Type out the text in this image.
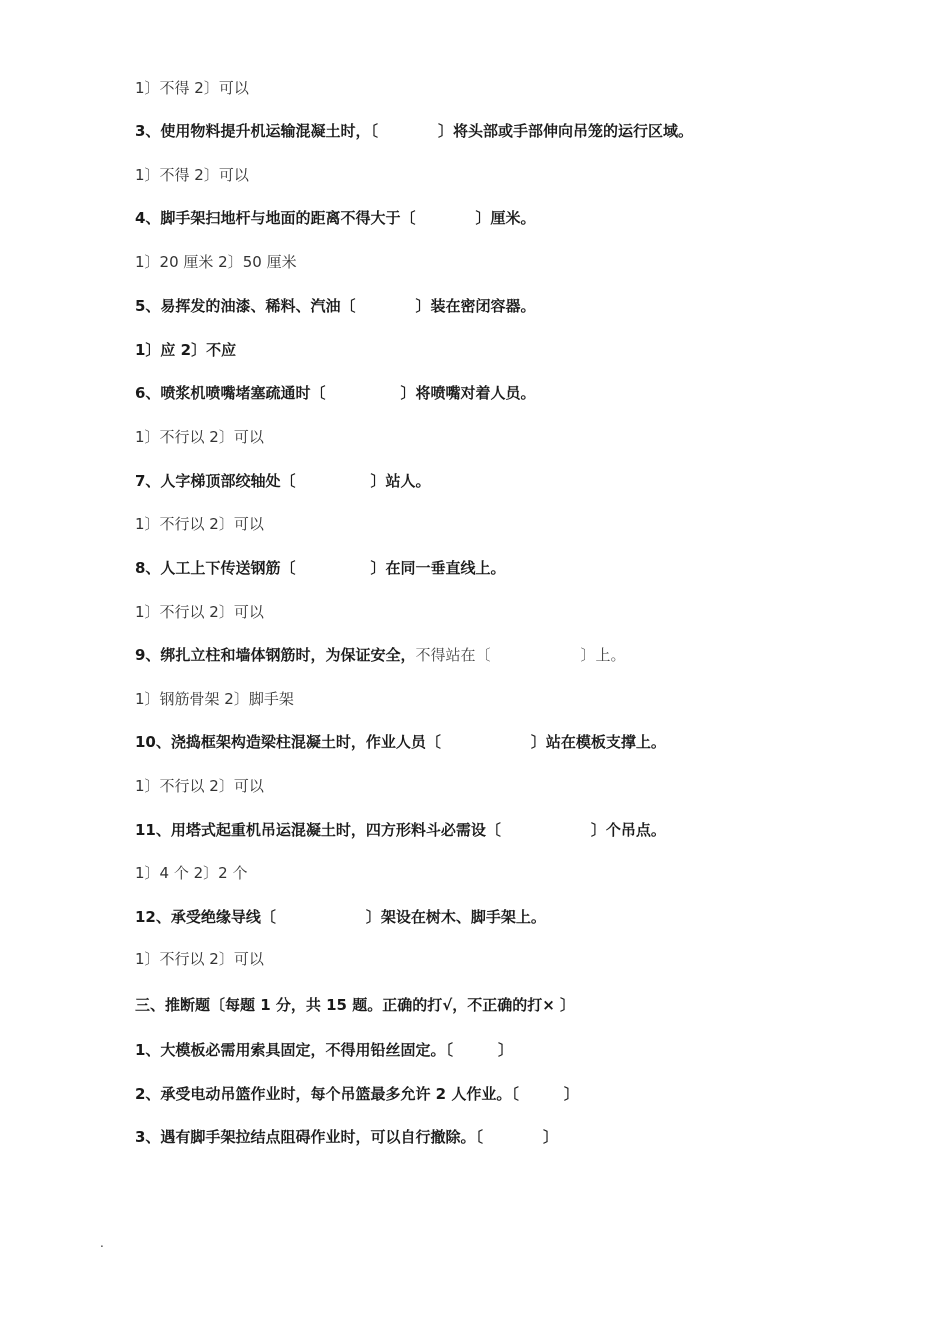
1〕不得 2〕可以
3、使用物料提升机运输混凝土时，〔　　　　〕将头部或手部伸向吊笼的运行区域。
1〕不得 2〕可以
4、脚手架扫地杆与地面的距离不得大于〔　　　　〕厘米。
1〕20 厘米 2〕50 厘米
5、易挥发的油漆、稀料、汽油〔　　　　〕装在密闭容器。
1〕应 2〕不应
6、喷浆机喷嘴堵塞疏通时〔　　　　　〕将喷嘴对着人员。
1〕不行以 2〕可以
7、人字梯顶部绞轴处〔　　　　　〕站人。
1〕不行以 2〕可以
8、人工上下传送钢筋〔　　　　　〕在同一垂直线上。
1〕不行以 2〕可以
9、绑扎立柱和墙体钢筋时，为保证安全，不得站在〔　　　　　　〕上。
1〕钢筋骨架 2〕脚手架
10、浇捣框架构造梁柱混凝土时，作业人员〔　　　　　　〕站在模板支撑上。
1〕不行以 2〕可以
11、用塔式起重机吊运混凝土时，四方形料斗必需设〔　　　　　　〕个吊点。
1〕4 个 2〕2 个
12、承受绝缘导线〔　　　　　　〕架设在树木、脚手架上。
1〕不行以 2〕可以
三、推断题〔每题 1 分，共 15 题。正确的打√，不正确的打× 〕
1、大模板必需用索具固定，不得用铅丝固定。〔　　　〕
2、承受电动吊篮作业时，每个吊篮最多允许 2 人作业。〔　　　〕
3、遇有脚手架拉结点阻碍作业时，可以自行撤除。〔　　　　〕
.
